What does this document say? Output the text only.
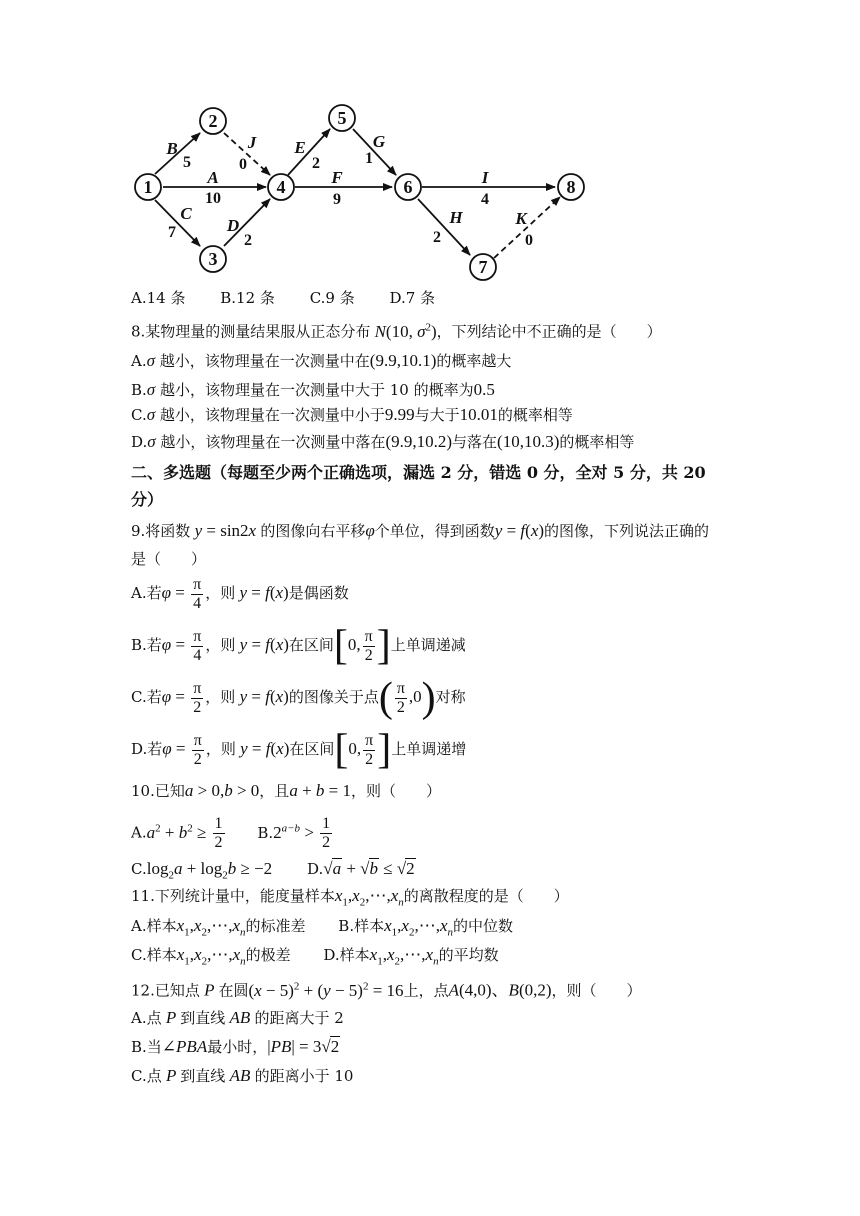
1
2
3
4
5
6
7
8
B	J
A
C
D
E	G
F	I
H	K
5	0
10
7	2
2	1
9	4
2	0
A.14 条 B.12 条 C.9 条 D.7 条
8.某物理量的测量结果服从正态分布 N(10, $\sigma^2$)，下列结论中不正确的是（　　）
A.σ 越小，该物理量在一次测量中在(9.9,10.1)的概率越大
B.σ 越小，该物理量在一次测量中大于 10 的概率为0.5
C.σ 越小，该物理量在一次测量中小于9.99与大于10.01的概率相等
D.σ 越小，该物理量在一次测量中落在(9.9,10.2)与落在(10,10.3)的概率相等
二、多选题（每题至少两个正确选项，漏选 2 分，错选 0 分，全对 5 分，共 20
分）
9.将函数 y = sin2x 的图像向右平移φ个单位，得到函数y = f(x)的图像，下列说法正确的
是（　　）
A.若$\varphi = \frac{\pi}{4}$ ，则 y = f(x)是偶函数
B.若$\varphi = \frac{\pi}{4}$ ，则 y = f(x)在区间[0, $\frac{\pi}{2}$ ]上单调递减
C.若$\varphi = \frac{\pi}{2}$ ，则 y = f(x)的图像关于点( $\frac{\pi}{2} ,0$)对称
D.若$\varphi = \frac{\pi}{2}$ ，则 y = f(x)在区间[0, $\frac{\pi}{2}$ ]上单调递增
10.已知a > 0,b > 0，且a + b = 1，则（　　）
$A.a^2 + b^2 \ge \frac{1}{2} B.2^{a-b} > \frac{1}{2}$
$C.\log_2a + \log_2b \ge -2$ D.√a + √b ≤ √2
11.下列统计量中，能度量样本$x_1,x_2,\cdots,x_n$的离散程度的是（　　）
A.样本$x_1,x_2,\cdots,x_n$的标准差 B.样本$x_1,x_2,\cdots,x_n$的中位数
C.样本$x_1,x_2,\cdots,x_n$的极差 D.样本$x_1,x_2,\cdots,x_n$的平均数
12.已知点 P 在圆$(x - 5)^2 + (y - 5)^2 = 16$上，点A(4,0)、B(0,2)，则（　　）
A.点 P 到直线 AB 的距离大于 2
B.当∠PBA最小时，|PB| = 3√2
C.点 P 到直线 AB 的距离小于 10
